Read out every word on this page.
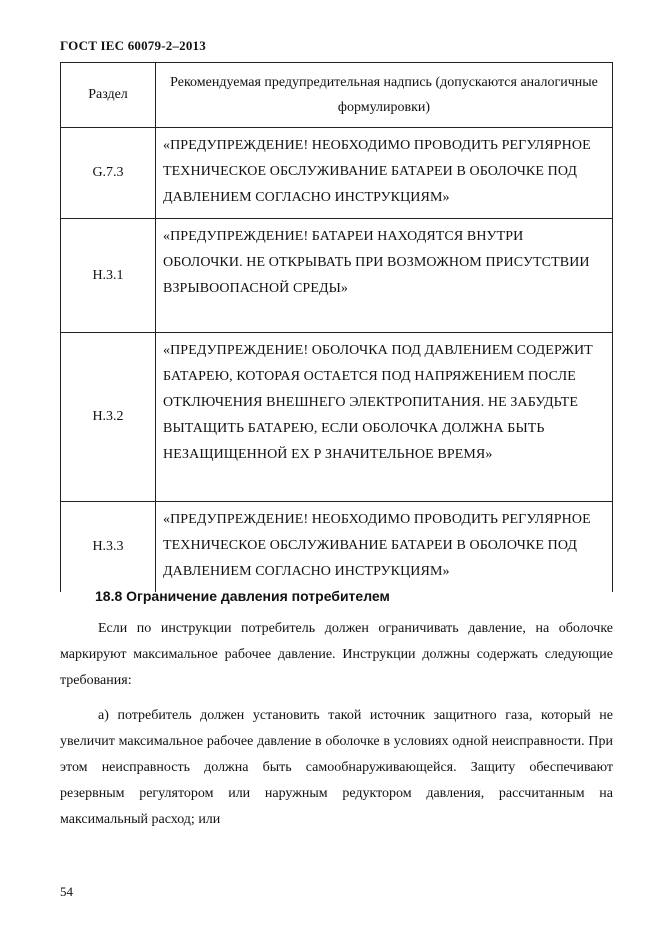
ГОСТ IEC 60079-2–2013
Раздел	Рекомендуемая предупредительная надпись (допускаются аналогичные формулировки)

G.7.3	«ПРЕДУПРЕЖДЕНИЕ! НЕОБХОДИМО ПРОВОДИТЬ РЕГУЛЯРНОЕ ТЕХНИЧЕСКОЕ ОБСЛУЖИВАНИЕ БАТАРЕИ В ОБОЛОЧКЕ ПОД ДАВЛЕНИЕМ СОГЛАСНО ИНСТРУКЦИЯМ»

H.3.1	«ПРЕДУПРЕЖДЕНИЕ! БАТАРЕИ НАХОДЯТСЯ ВНУТРИ ОБОЛОЧКИ. НЕ ОТКРЫВАТЬ ПРИ ВОЗМОЖНОМ ПРИСУТСТВИИ ВЗРЫВООПАСНОЙ СРЕДЫ»

H.3.2	«ПРЕДУПРЕЖДЕНИЕ! ОБОЛОЧКА ПОД ДАВЛЕНИЕМ СОДЕРЖИТ БАТАРЕЮ, КОТОРАЯ ОСТАЕТСЯ ПОД НАПРЯЖЕНИЕМ ПОСЛЕ ОТКЛЮЧЕНИЯ ВНЕШНЕГО ЭЛЕКТРОПИТАНИЯ. НЕ ЗАБУДЬТЕ ВЫТАЩИТЬ БАТАРЕЮ, ЕСЛИ ОБОЛОЧКА ДОЛЖНА БЫТЬ НЕЗАЩИЩЕННОЙ ЕХ Р ЗНАЧИТЕЛЬНОЕ ВРЕМЯ»

H.3.3	«ПРЕДУПРЕЖДЕНИЕ! НЕОБХОДИМО ПРОВОДИТЬ РЕГУЛЯРНОЕ ТЕХНИЧЕСКОЕ ОБСЛУЖИВАНИЕ БАТАРЕИ В ОБОЛОЧКЕ ПОД ДАВЛЕНИЕМ СОГЛАСНО ИНСТРУКЦИЯМ»
18.8 Ограничение давления потребителем
Если по инструкции потребитель должен ограничивать давление, на оболочке маркируют максимальное рабочее давление. Инструкции должны содержать следующие требования:
а) потребитель должен установить такой источник защитного газа, который не увеличит максимальное рабочее давление в оболочке в условиях одной неисправности. При этом неисправность должна быть самообнаруживающейся. Защиту обеспечивают резервным регулятором или наружным редуктором давления, рассчитанным на максимальный расход; или
54
